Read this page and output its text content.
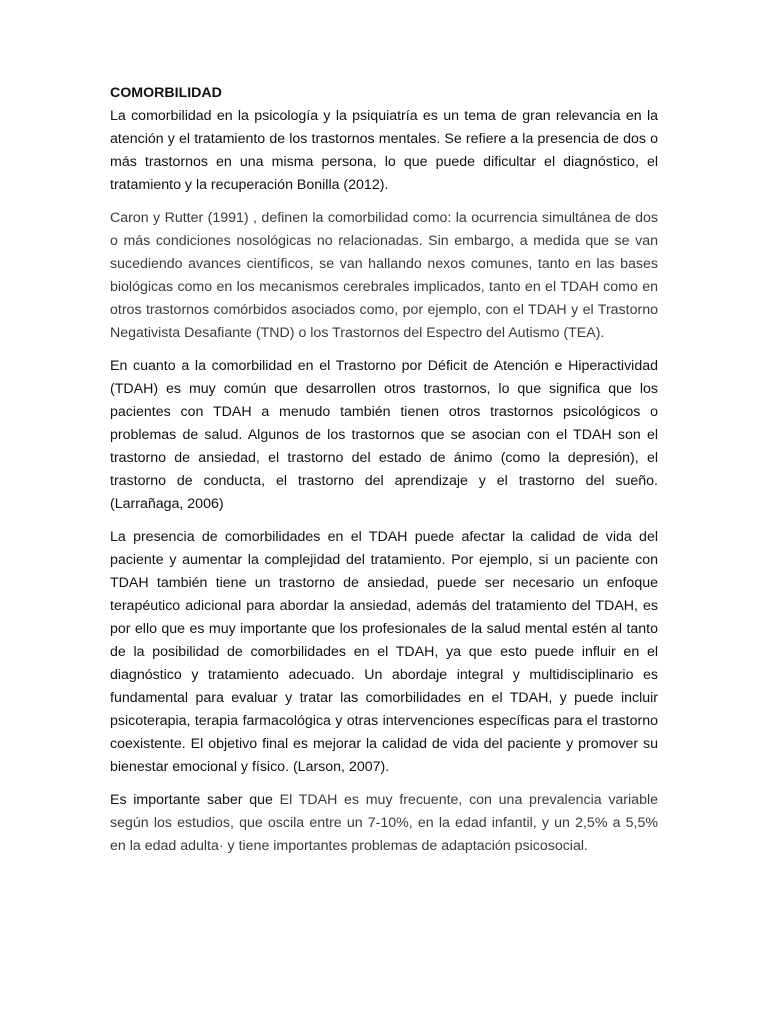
COMORBILIDAD

La comorbilidad en la psicología y la psiquiatría es un tema de gran relevancia en la atención y el tratamiento de los trastornos mentales. Se refiere a la presencia de dos o más trastornos en una misma persona, lo que puede dificultar el diagnóstico, el tratamiento y la recuperación Bonilla (2012).

Caron y Rutter (1991) , definen la comorbilidad como: la ocurrencia simultánea de dos o más condiciones nosológicas no relacionadas. Sin embargo, a medida que se van sucediendo avances científicos, se van hallando nexos comunes, tanto en las bases biológicas como en los mecanismos cerebrales implicados, tanto en el TDAH como en otros trastornos comórbidos asociados como, por ejemplo, con el TDAH y el Trastorno Negativista Desafiante (TND) o los Trastornos del Espectro del Autismo (TEA).

En cuanto a la comorbilidad en el Trastorno por Déficit de Atención e Hiperactividad (TDAH) es muy común que desarrollen otros trastornos, lo que significa que los pacientes con TDAH a menudo también tienen otros trastornos psicológicos o problemas de salud. Algunos de los trastornos que se asocian con el TDAH son el trastorno de ansiedad, el trastorno del estado de ánimo (como la depresión), el trastorno de conducta, el trastorno del aprendizaje y el trastorno del sueño. (Larrañaga, 2006)

La presencia de comorbilidades en el TDAH puede afectar la calidad de vida del paciente y aumentar la complejidad del tratamiento. Por ejemplo, si un paciente con TDAH también tiene un trastorno de ansiedad, puede ser necesario un enfoque terapéutico adicional para abordar la ansiedad, además del tratamiento del TDAH, es por ello que es muy importante que los profesionales de la salud mental estén al tanto de la posibilidad de comorbilidades en el TDAH, ya que esto puede influir en el diagnóstico y tratamiento adecuado. Un abordaje integral y multidisciplinario es fundamental para evaluar y tratar las comorbilidades en el TDAH, y puede incluir psicoterapia, terapia farmacológica y otras intervenciones específicas para el trastorno coexistente. El objetivo final es mejorar la calidad de vida del paciente y promover su bienestar emocional y físico. (Larson, 2007).

Es importante saber que El TDAH es muy frecuente, con una prevalencia variable según los estudios, que oscila entre un 7-10%, en la edad infantil, y un 2,5% a 5,5% en la edad adulta· y tiene importantes problemas de adaptación psicosocial.
